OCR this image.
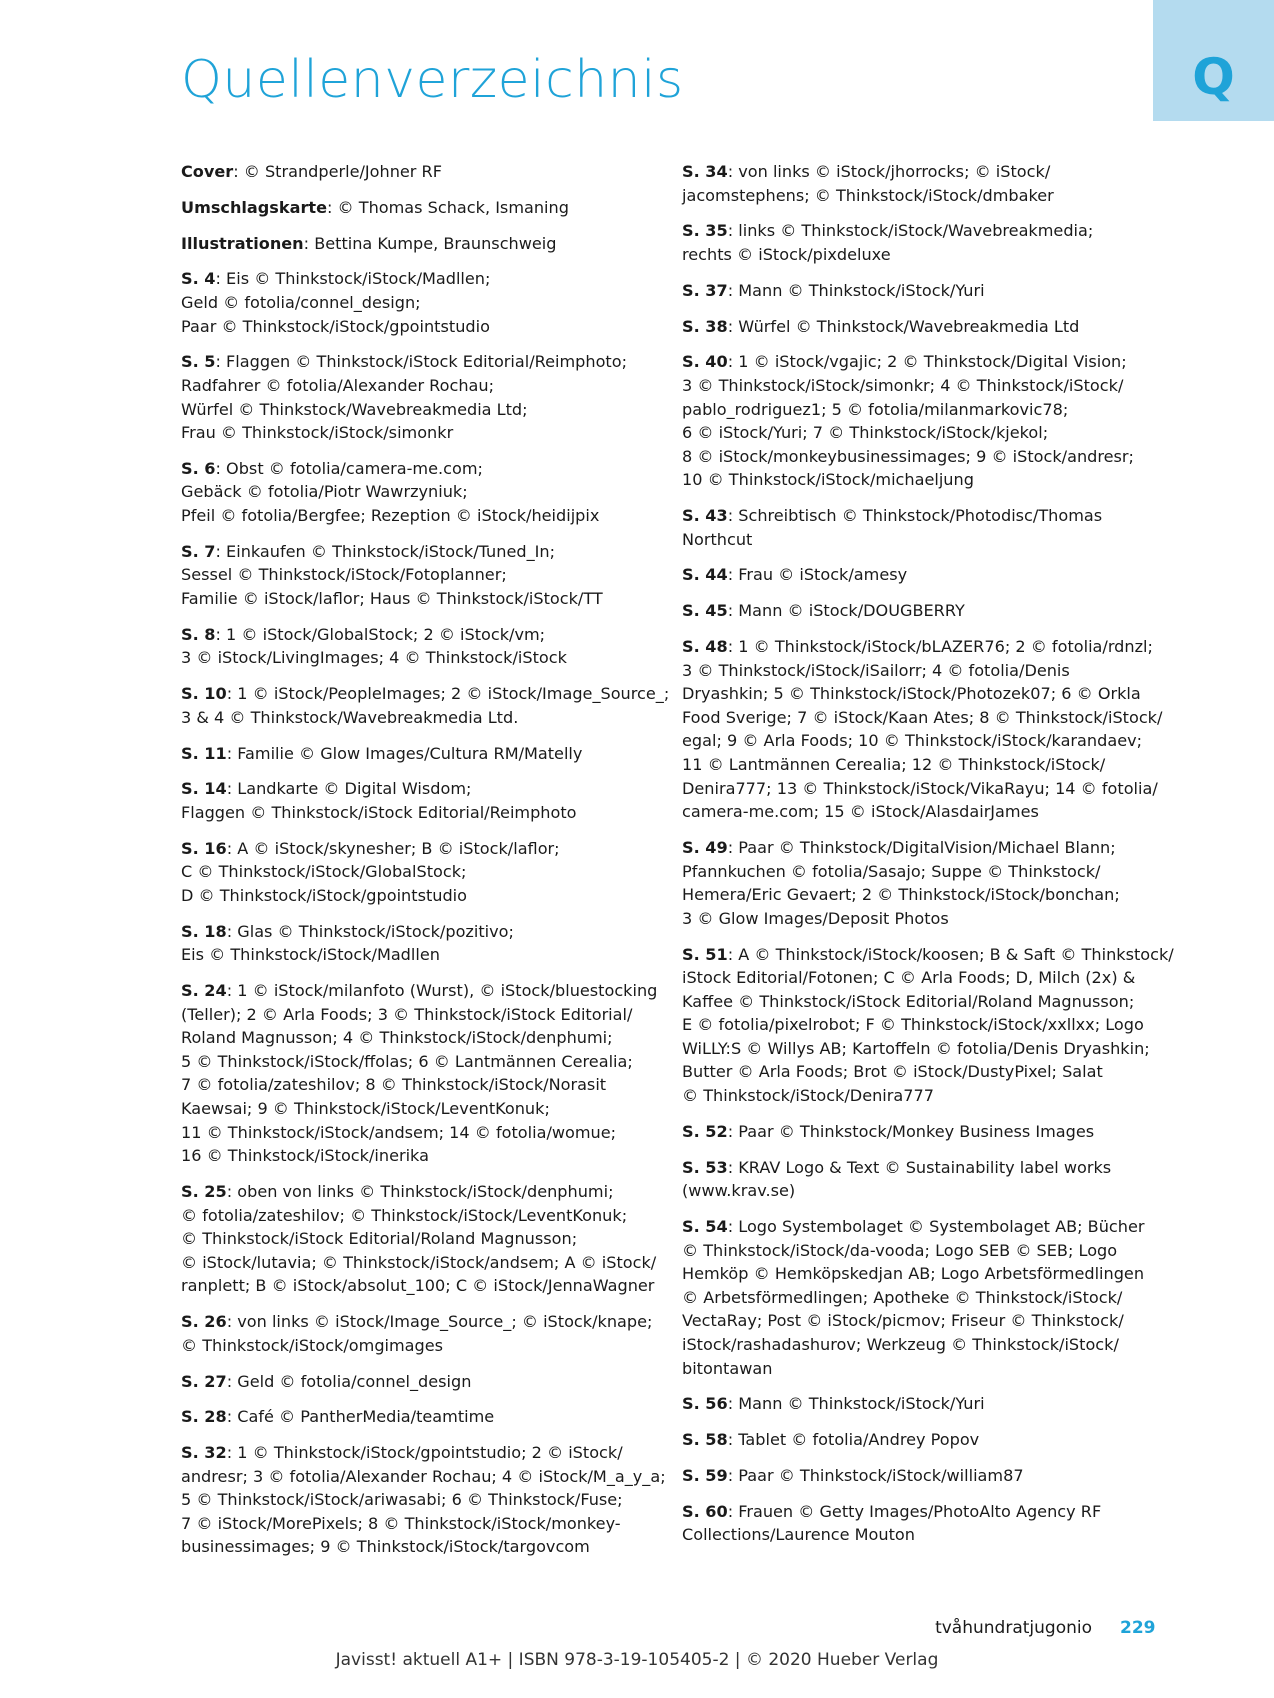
Quellenverzeichnis	Q
Cover: © Strandperle/Johner RF
Umschlagskarte: © Thomas Schack, Ismaning
Illustrationen: Bettina Kumpe, Braunschweig
S. 4: Eis © Thinkstock/iStock/Madllen;
Geld © fotolia/connel_design;
Paar © Thinkstock/iStock/gpointstudio
S. 5: Flaggen © Thinkstock/iStock Editorial/Reimphoto;
Radfahrer © fotolia/Alexander Rochau;
Würfel © Thinkstock/Wavebreakmedia Ltd;
Frau © Thinkstock/iStock/simonkr
S. 6: Obst © fotolia/camera-me.com;
Gebäck © fotolia/Piotr Wawrzyniuk;
Pfeil © fotolia/Bergfee; Rezeption © iStock/heidijpix
S. 7: Einkaufen © Thinkstock/iStock/Tuned_In;
Sessel © Thinkstock/iStock/Fotoplanner;
Familie © iStock/laflor; Haus © Thinkstock/iStock/TT
S. 8: 1 © iStock/GlobalStock; 2 © iStock/vm;
3 © iStock/LivingImages; 4 © Thinkstock/iStock
S. 10: 1 © iStock/PeopleImages; 2 © iStock/Image_Source_;
3 & 4 © Thinkstock/Wavebreakmedia Ltd.
S. 11: Familie © Glow Images/Cultura RM/Matelly
S. 14: Landkarte © Digital Wisdom;
Flaggen © Thinkstock/iStock Editorial/Reimphoto
S. 16: A © iStock/skynesher; B © iStock/laflor;
C © Thinkstock/iStock/GlobalStock;
D © Thinkstock/iStock/gpointstudio
S. 18: Glas © Thinkstock/iStock/pozitivo;
Eis © Thinkstock/iStock/Madllen
S. 24: 1 © iStock/milanfoto (Wurst), © iStock/bluestocking
(Teller); 2 © Arla Foods; 3 © Thinkstock/iStock Editorial/
Roland Magnusson; 4 © Thinkstock/iStock/denphumi;
5 © Thinkstock/iStock/ffolas; 6 © Lantmännen Cerealia;
7 © fotolia/zateshilov; 8 © Thinkstock/iStock/Norasit
Kaewsai; 9 © Thinkstock/iStock/LeventKonuk;
11 © Thinkstock/iStock/andsem; 14 © fotolia/womue;
16 © Thinkstock/iStock/inerika
S. 25: oben von links © Thinkstock/iStock/denphumi;
© fotolia/zateshilov; © Thinkstock/iStock/LeventKonuk;
© Thinkstock/iStock Editorial/Roland Magnusson;
© iStock/lutavia; © Thinkstock/iStock/andsem; A © iStock/
ranplett; B © iStock/absolut_100; C © iStock/JennaWagner
S. 26: von links © iStock/Image_Source_; © iStock/knape;
© Thinkstock/iStock/omgimages
S. 27: Geld © fotolia/connel_design
S. 28: Café © PantherMedia/teamtime
S. 32: 1 © Thinkstock/iStock/gpointstudio; 2 © iStock/
andresr; 3 © fotolia/Alexander Rochau; 4 © iStock/M_a_y_a;
5 © Thinkstock/iStock/ariwasabi; 6 © Thinkstock/Fuse;
7 © iStock/MorePixels; 8 © Thinkstock/iStock/monkey-
businessimages; 9 © Thinkstock/iStock/targovcom
S. 34: von links © iStock/jhorrocks; © iStock/
jacomstephens; © Thinkstock/iStock/dmbaker
S. 35: links © Thinkstock/iStock/Wavebreakmedia;
rechts © iStock/pixdeluxe
S. 37: Mann © Thinkstock/iStock/Yuri
S. 38: Würfel © Thinkstock/Wavebreakmedia Ltd
S. 40: 1 © iStock/vgajic; 2 © Thinkstock/Digital Vision;
3 © Thinkstock/iStock/simonkr; 4 © Thinkstock/iStock/
pablo_rodriguez1; 5 © fotolia/milanmarkovic78;
6 © iStock/Yuri; 7 © Thinkstock/iStock/kjekol;
8 © iStock/monkeybusinessimages; 9 © iStock/andresr;
10 © Thinkstock/iStock/michaeljung
S. 43: Schreibtisch © Thinkstock/Photodisc/Thomas
Northcut
S. 44: Frau © iStock/amesy
S. 45: Mann © iStock/DOUGBERRY
S. 48: 1 © Thinkstock/iStock/bLAZER76; 2 © fotolia/rdnzl;
3 © Thinkstock/iStock/iSailorr; 4 © fotolia/Denis
Dryashkin; 5 © Thinkstock/iStock/Photozek07; 6 © Orkla
Food Sverige; 7 © iStock/Kaan Ates; 8 © Thinkstock/iStock/
egal; 9 © Arla Foods; 10 © Thinkstock/iStock/karandaev;
11 © Lantmännen Cerealia; 12 © Thinkstock/iStock/
Denira777; 13 © Thinkstock/iStock/VikaRayu; 14 © fotolia/
camera-me.com; 15 © iStock/AlasdairJames
S. 49: Paar © Thinkstock/DigitalVision/Michael Blann;
Pfannkuchen © fotolia/Sasajo; Suppe © Thinkstock/
Hemera/Eric Gevaert; 2 © Thinkstock/iStock/bonchan;
3 © Glow Images/Deposit Photos
S. 51: A © Thinkstock/iStock/koosen; B & Saft © Thinkstock/
iStock Editorial/Fotonen; C © Arla Foods; D, Milch (2x) &
Kaffee © Thinkstock/iStock Editorial/Roland Magnusson;
E © fotolia/pixelrobot; F © Thinkstock/iStock/xxllxx; Logo
WiLLY:S © Willys AB; Kartoffeln © fotolia/Denis Dryashkin;
Butter © Arla Foods; Brot © iStock/DustyPixel; Salat
© Thinkstock/iStock/Denira777
S. 52: Paar © Thinkstock/Monkey Business Images
S. 53: KRAV Logo & Text © Sustainability label works
(www.krav.se)
S. 54: Logo Systembolaget © Systembolaget AB; Bücher
© Thinkstock/iStock/da-vooda; Logo SEB © SEB; Logo
Hemköp © Hemköpskedjan AB; Logo Arbetsförmedlingen
© Arbetsförmedlingen; Apotheke © Thinkstock/iStock/
VectaRay; Post © iStock/picmov; Friseur © Thinkstock/
iStock/rashadashurov; Werkzeug © Thinkstock/iStock/
bitontawan
S. 56: Mann © Thinkstock/iStock/Yuri
S. 58: Tablet © fotolia/Andrey Popov
S. 59: Paar © Thinkstock/iStock/william87
S. 60: Frauen © Getty Images/PhotoAlto Agency RF
Collections/Laurence Mouton
tvåhundratjugonio 229
Javisst! aktuell A1+ | ISBN 978-3-19-105405-2 | © 2020 Hueber Verlag
